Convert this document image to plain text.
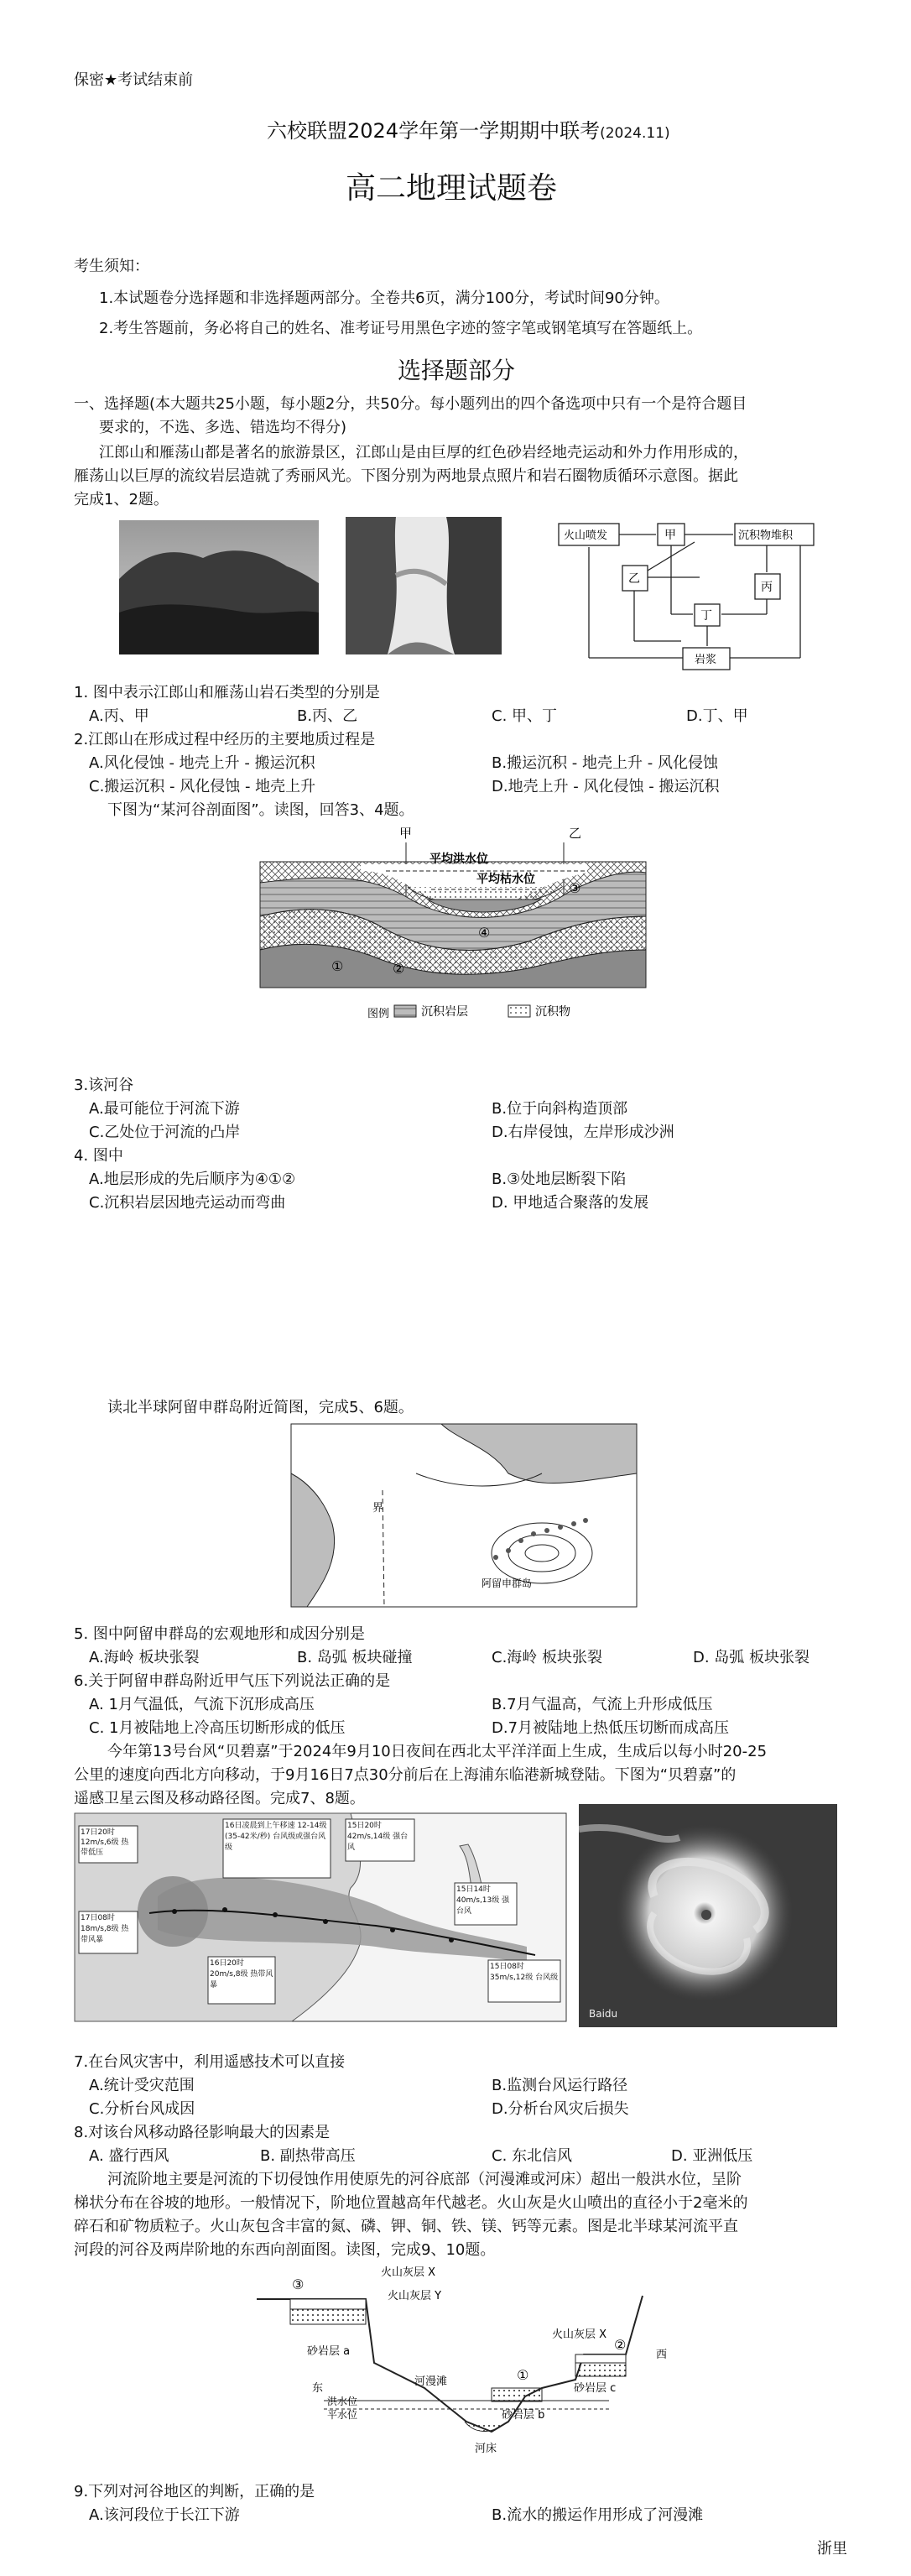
保密★考试结束前
六校联盟2024学年第一学期期中联考(2024.11)
高二地理试题卷
考生须知：
1.本试题卷分选择题和非选择题两部分。全卷共6页，满分100分，考试时间90分钟。
2.考生答题前，务必将自己的姓名、准考证号用黑色字迹的签字笔或钢笔填写在答题纸上。
选择题部分
一、选择题(本大题共25小题，每小题2分，共50分。每小题列出的四个备选项中只有一个是符合题目
要求的，不选、多选、错选均不得分)
江郎山和雁荡山都是著名的旅游景区，江郎山是由巨厚的红色砂岩经地壳运动和外力作用形成的，
雁荡山以巨厚的流纹岩层造就了秀丽风光。下图分别为两地景点照片和岩石圈物质循环示意图。据此
完成1、2题。
火山喷发	甲	沉积物堆积
乙
丙
丁
岩浆
1. 图中表示江郎山和雁荡山岩石类型的分别是
A.丙、甲	B.丙、乙	C. 甲、丁	D.丁、甲
2.江郎山在形成过程中经历的主要地质过程是
A.风化侵蚀 - 地壳上升 - 搬运沉积	B.搬运沉积 - 地壳上升 - 风化侵蚀
C.搬运沉积 - 风化侵蚀 - 地壳上升	D.地壳上升 - 风化侵蚀 - 搬运沉积
下图为“某河谷剖面图”。读图，回答3、4题。
甲	乙
平均洪水位
平均枯水位
①	②
③
④
图例	沉积岩层	沉积物
3.该河谷
A.最可能位于河流下游	B.位于向斜构造顶部
C.乙处位于河流的凸岸	D.右岸侵蚀，左岸形成沙洲
4. 图中
A.地层形成的先后顺序为④①②	B.③处地层断裂下陷
C.沉积岩层因地壳运动而弯曲	D. 甲地适合聚落的发展
读北半球阿留申群岛附近简图，完成5、6题。
界
阿留申群岛
5. 图中阿留申群岛的宏观地形和成因分别是
A.海岭 板块张裂	B. 岛弧 板块碰撞	C.海岭 板块张裂	D. 岛弧 板块张裂
6.关于阿留申群岛附近甲气压下列说法正确的是
A. 1月气温低，气流下沉形成高压	B.7月气温高，气流上升形成低压
C. 1月被陆地上冷高压切断形成的低压	D.7月被陆地上热低压切断而成高压
今年第13号台风“贝碧嘉”于2024年9月10日夜间在西北太平洋洋面上生成，生成后以每小时20-25
公里的速度向西北方向移动，于9月16日7点30分前后在上海浦东临港新城登陆。下图为“贝碧嘉”的
遥感卫星云图及移动路径图。完成7、8题。
17日20时 12m/s,6级 热带低压
16日凌晨到上午移速 12-14级(35-42米/秒) 台风级或强台风级
15日20时 42m/s,14级 强台风
15日14时 40m/s,13级 强台风
17日08时 18m/s,8级 热带风暴
16日20时 20m/s,8级 热带风暴
15日08时 35m/s,12级 台风级
Baidu
7.在台风灾害中，利用遥感技术可以直接
A.统计受灾范围	B.监测台风运行路径
C.分析台风成因	D.分析台风灾后损失
8.对该台风移动路径影响最大的因素是
A. 盛行西风	B. 副热带高压	C. 东北信风	D. 亚洲低压
河流阶地主要是河流的下切侵蚀作用使原先的河谷底部（河漫滩或河床）超出一般洪水位，呈阶
梯状分布在谷坡的地形。一般情况下，阶地位置越高年代越老。火山灰是火山喷出的直径小于2毫米的
碎石和矿物质粒子。火山灰包含丰富的氮、磷、钾、铜、铁、镁、钙等元素。图是北半球某河流平直
河段的河谷及两岸阶地的东西向剖面图。读图，完成9、10题。
③
①
②
火山灰层 X
火山灰层 Y
砂岩层 a
东
洪水位
平水位
河漫滩
河床
砂岩层 b
火山灰层 X
砂岩层 c
西
9.下列对河谷地区的判断，正确的是
A.该河段位于长江下游	B.流水的搬运作用形成了河漫滩
浙里
